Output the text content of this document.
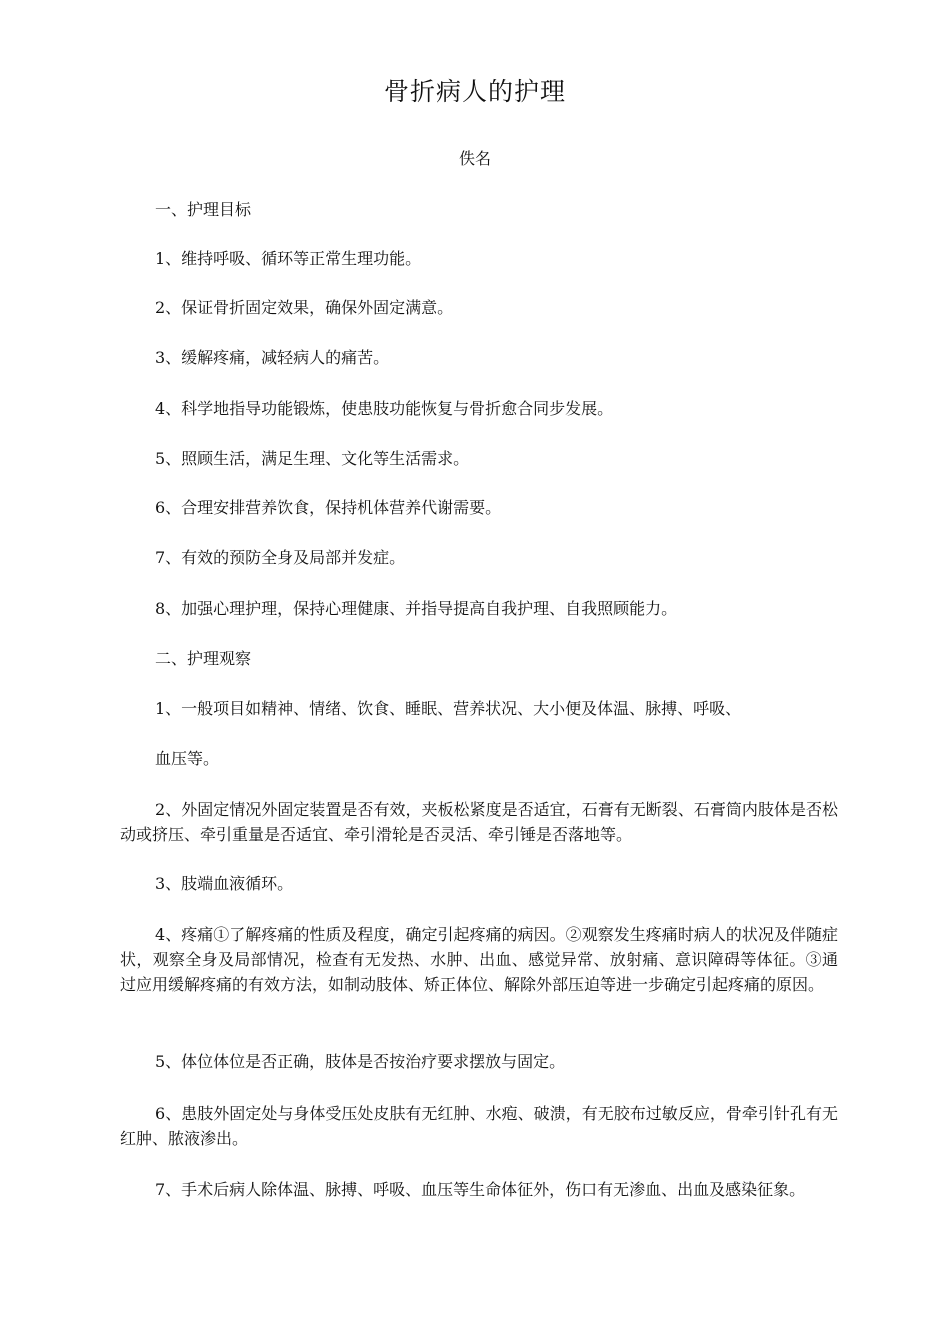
骨折病人的护理
佚名
一、护理目标
1、维持呼吸、循环等正常生理功能。
2、保证骨折固定效果，确保外固定满意。
3、缓解疼痛，减轻病人的痛苦。
4、科学地指导功能锻炼，使患肢功能恢复与骨折愈合同步发展。
5、照顾生活，满足生理、文化等生活需求。
6、合理安排营养饮食，保持机体营养代谢需要。
7、有效的预防全身及局部并发症。
8、加强心理护理，保持心理健康、并指导提高自我护理、自我照顾能力。
二、护理观察
1、一般项目如精神、情绪、饮食、睡眠、营养状况、大小便及体温、脉搏、呼吸、
血压等。
2、外固定情况外固定装置是否有效，夹板松紧度是否适宜，石膏有无断裂、石膏筒内肢体是否松动或挤压、牵引重量是否适宜、牵引滑轮是否灵活、牵引锤是否落地等。
3、肢端血液循环。
4、疼痛①了解疼痛的性质及程度，确定引起疼痛的病因。②观察发生疼痛时病人的状况及伴随症状，观察全身及局部情况，检查有无发热、水肿、出血、感觉异常、放射痛、意识障碍等体征。③通过应用缓解疼痛的有效方法，如制动肢体、矫正体位、解除外部压迫等进一步确定引起疼痛的原因。
5、体位体位是否正确，肢体是否按治疗要求摆放与固定。
6、患肢外固定处与身体受压处皮肤有无红肿、水疱、破溃，有无胶布过敏反应，骨牵引针孔有无红肿、脓液渗出。
7、手术后病人除体温、脉搏、呼吸、血压等生命体征外，伤口有无渗血、出血及感染征象。
